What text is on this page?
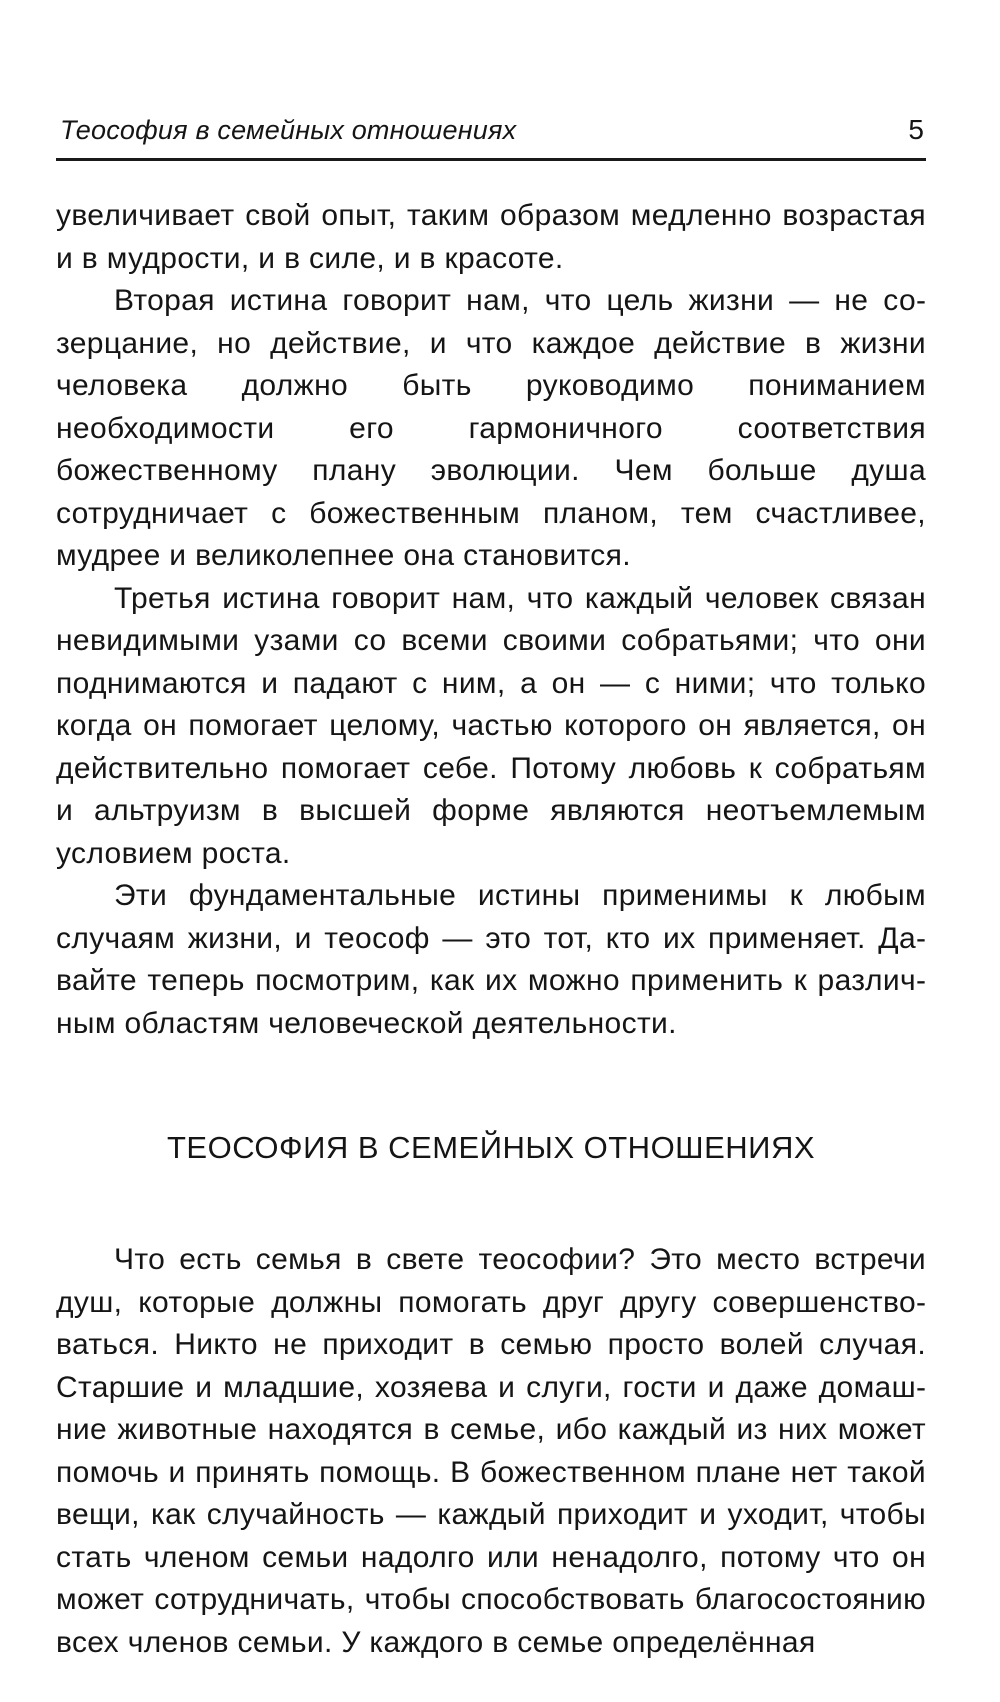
Теософия в семейных отношениях	5

увеличивает свой опыт, таким образом медленно возрастая и в мудрости, и в силе, и в красоте.

Вторая истина говорит нам, что цель жизни — не созерцание, но действие, и что каждое действие в жизни человека должно быть руководимо пониманием необходимости его гармоничного соответствия божественному плану эволюции. Чем больше душа сотрудничает с божественным планом, тем счастливее, мудрее и великолепнее она становится.

Третья истина говорит нам, что каждый человек связан невидимыми узами со всеми своими собратьями; что они поднимаются и падают с ним, а он — с ними; что только когда он помогает целому, частью которого он является, он действительно помогает себе. Потому любовь к собратьям и альтруизм в высшей форме являются неотъемлемым условием роста.

Эти фундаментальные истины применимы к любым случаям жизни, и теософ — это тот, кто их применяет. Давайте теперь посмотрим, как их можно применить к различным областям человеческой деятельности.

ТЕОСОФИЯ В СЕМЕЙНЫХ ОТНОШЕНИЯХ

Что есть семья в свете теософии? Это место встречи душ, которые должны помогать друг другу совершенствоваться. Никто не приходит в семью просто волей случая. Старшие и младшие, хозяева и слуги, гости и даже домашние животные находятся в семье, ибо каждый из них может помочь и принять помощь. В божественном плане нет такой вещи, как случайность — каждый приходит и уходит, чтобы стать членом семьи надолго или ненадолго, потому что он может сотрудничать, чтобы способствовать благосостоянию всех членов семьи. У каждого в семье определённая
